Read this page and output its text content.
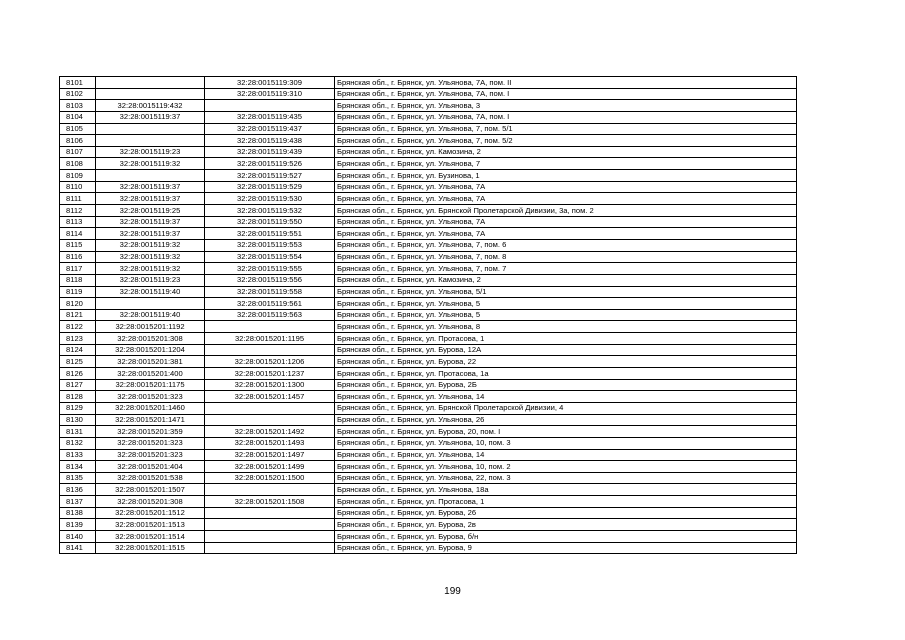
8101		32:28:0015119:309	Брянская обл., г. Брянск, ул. Ульянова, 7А, пом. II
8102		32:28:0015119:310	Брянская обл., г. Брянск, ул. Ульянова, 7А, пом. I
8103	32:28:0015119:432		Брянская обл., г. Брянск, ул. Ульянова, 3
8104	32:28:0015119:37	32:28:0015119:435	Брянская обл., г. Брянск, ул. Ульянова, 7А, пом. I
8105		32:28:0015119:437	Брянская обл., г. Брянск, ул. Ульянова, 7, пом. 5/1
8106		32:28:0015119:438	Брянская обл., г. Брянск, ул. Ульянова, 7, пом. 5/2
8107	32:28:0015119:23	32:28:0015119:439	Брянская обл., г. Брянск, ул. Камозина, 2
8108	32:28:0015119:32	32:28:0015119:526	Брянская обл., г. Брянск, ул. Ульянова, 7
8109		32:28:0015119:527	Брянская обл., г. Брянск, ул. Бузинова, 1
8110	32:28:0015119:37	32:28:0015119:529	Брянская обл., г. Брянск, ул. Ульянова, 7А
8111	32:28:0015119:37	32:28:0015119:530	Брянская обл., г. Брянск, ул. Ульянова, 7А
8112	32:28:0015119:25	32:28:0015119:532	Брянская обл., г. Брянск, ул. Брянской Пролетарской Дивизии, 3а, пом. 2
8113	32:28:0015119:37	32:28:0015119:550	Брянская обл., г. Брянск, ул. Ульянова, 7А
8114	32:28:0015119:37	32:28:0015119:551	Брянская обл., г. Брянск, ул. Ульянова, 7А
8115	32:28:0015119:32	32:28:0015119:553	Брянская обл., г. Брянск, ул. Ульянова, 7, пом. 6
8116	32:28:0015119:32	32:28:0015119:554	Брянская обл., г. Брянск, ул. Ульянова, 7, пом. 8
8117	32:28:0015119:32	32:28:0015119:555	Брянская обл., г. Брянск, ул. Ульянова, 7, пом. 7
8118	32:28:0015119:23	32:28:0015119:556	Брянская обл., г. Брянск, ул. Камозина, 2
8119	32:28:0015119:40	32:28:0015119:558	Брянская обл., г. Брянск, ул. Ульянова, 5/1
8120		32:28:0015119:561	Брянская обл., г. Брянск, ул. Ульянова, 5
8121	32:28:0015119:40	32:28:0015119:563	Брянская обл., г. Брянск, ул. Ульянова, 5
8122	32:28:0015201:1192		Брянская обл., г. Брянск, ул. Ульянова, 8
8123	32:28:0015201:308	32:28:0015201:1195	Брянская обл., г. Брянск, ул. Протасова, 1
8124	32:28:0015201:1204		Брянская обл., г. Брянск, ул. Бурова, 12А
8125	32:28:0015201:381	32:28:0015201:1206	Брянская обл., г. Брянск, ул. Бурова, 22
8126	32:28:0015201:400	32:28:0015201:1237	Брянская обл., г. Брянск, ул. Протасова, 1а
8127	32:28:0015201:1175	32:28:0015201:1300	Брянская обл., г. Брянск, ул. Бурова, 2Б
8128	32:28:0015201:323	32:28:0015201:1457	Брянская обл., г. Брянск, ул. Ульянова, 14
8129	32:28:0015201:1460		Брянская обл., г. Брянск, ул. Брянской Пролетарской Дивизии, 4
8130	32:28:0015201:1471		Брянская обл., г. Брянск, ул. Ульянова, 26
8131	32:28:0015201:359	32:28:0015201:1492	Брянская обл., г. Брянск, ул. Бурова, 20, пом. I
8132	32:28:0015201:323	32:28:0015201:1493	Брянская обл., г. Брянск, ул. Ульянова, 10, пом. 3
8133	32:28:0015201:323	32:28:0015201:1497	Брянская обл., г. Брянск, ул. Ульянова, 14
8134	32:28:0015201:404	32:28:0015201:1499	Брянская обл., г. Брянск, ул. Ульянова, 10, пом. 2
8135	32:28:0015201:538	32:28:0015201:1500	Брянская обл., г. Брянск, ул. Ульянова, 22, пом. 3
8136	32:28:0015201:1507		Брянская обл., г. Брянск, ул. Ульянова, 18а
8137	32:28:0015201:308	32:28:0015201:1508	Брянская обл., г. Брянск, ул. Протасова, 1
8138	32:28:0015201:1512		Брянская обл., г. Брянск, ул. Бурова, 26
8139	32:28:0015201:1513		Брянская обл., г. Брянск, ул. Бурова, 2в
8140	32:28:0015201:1514		Брянская обл., г. Брянск, ул. Бурова, б/н
8141	32:28:0015201:1515		Брянская обл., г. Брянск, ул. Бурова, 9
199
